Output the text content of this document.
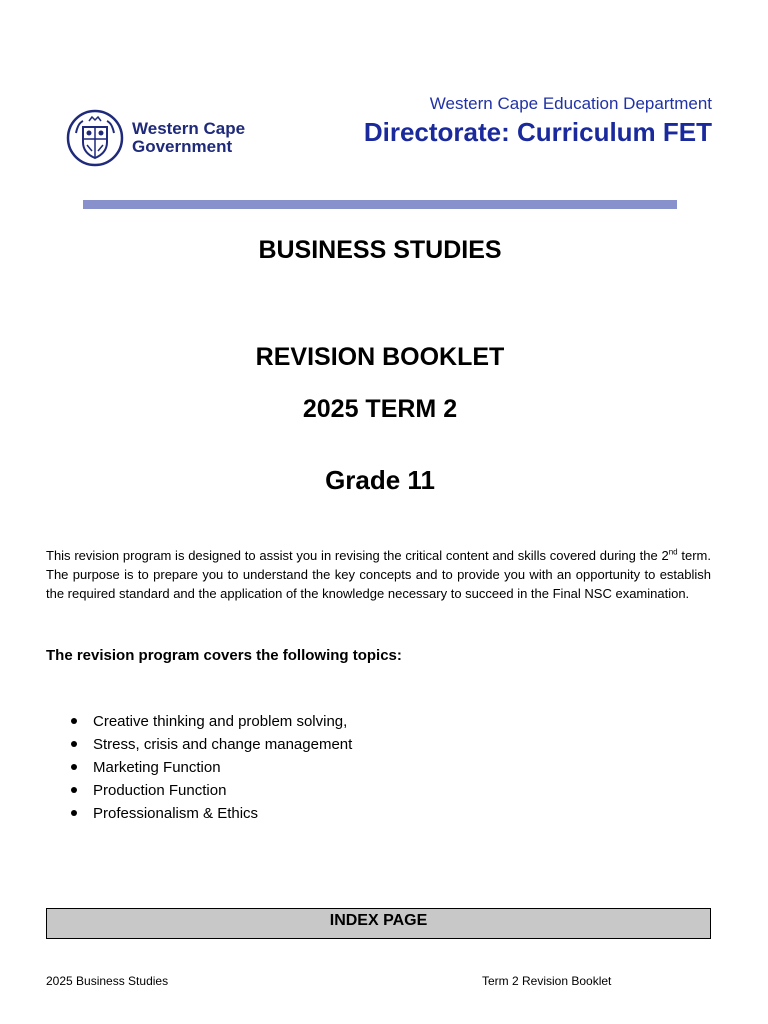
Western Cape
Government
Western Cape Education Department
Directorate: Curriculum FET
BUSINESS STUDIES
REVISION BOOKLET
2025 TERM 2
Grade 11

This revision program is designed to assist you in revising the critical content and skills covered during the 2nd term. The purpose is to prepare you to understand the key concepts and to provide you with an opportunity to establish the required standard and the application of the knowledge necessary to succeed in the Final NSC examination.

The revision program covers the following topics:
Creative thinking and problem solving,
Stress, crisis and change management
Marketing Function
Production Function
Professionalism & Ethics
INDEX PAGE
2025 Business Studies	Term 2 Revision Booklet
